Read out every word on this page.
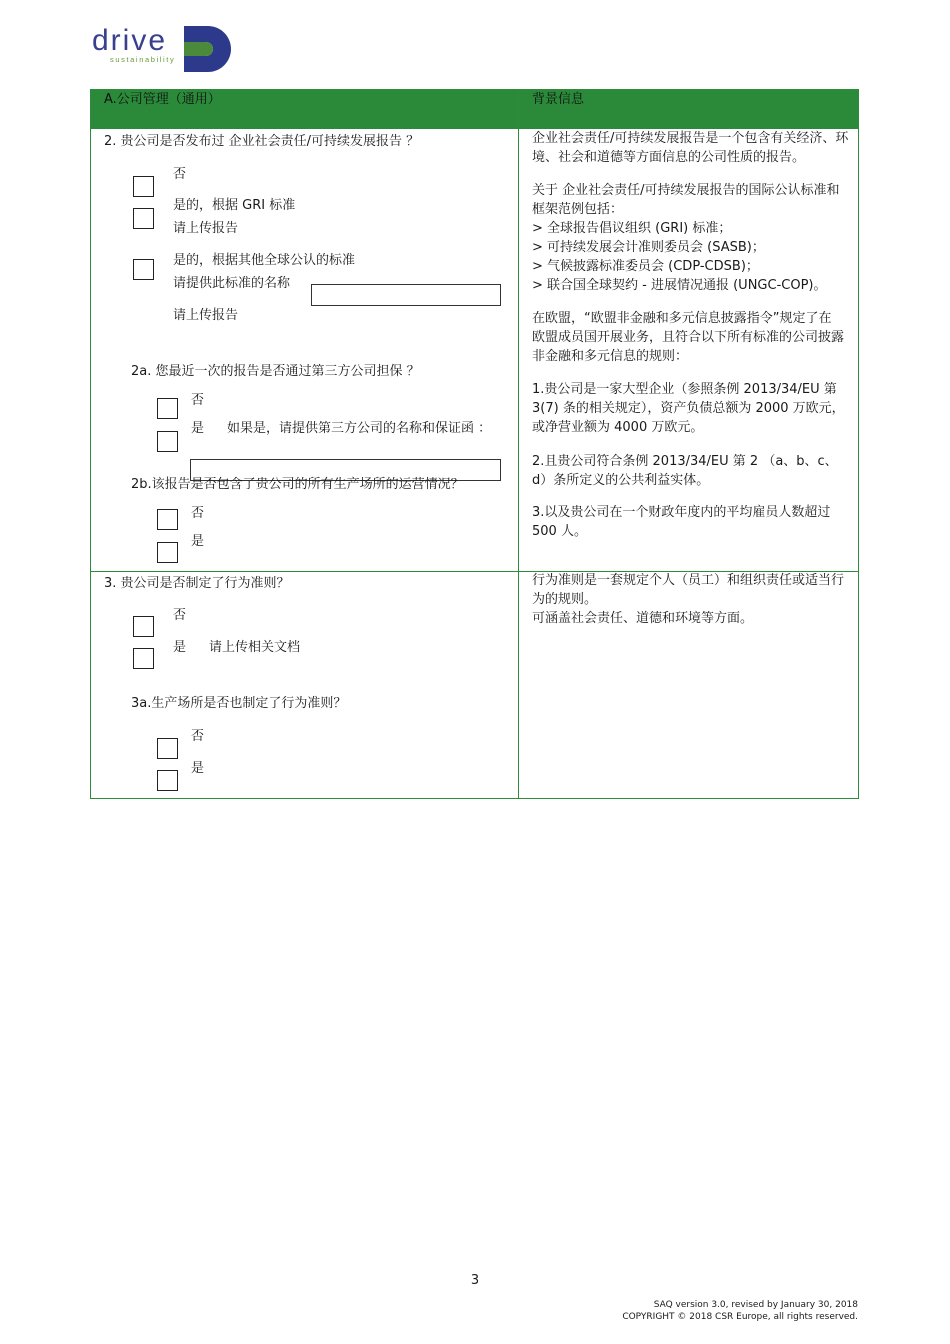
drive
sustainability
A.公司管理（通用）	背景信息
2. 贵公司是否发布过 企业社会责任/可持续发展报告 ？
否
是的，根据 GRI 标准
请上传报告
是的，根据其他全球公认的标准
请提供此标准的名称
请上传报告
2a. 您最近一次的报告是否通过第三方公司担保 ？
否
是 如果是，请提供第三方公司的名称和保证函 ：
2b.该报告是否包含了贵公司的所有生产场所的运营情况？
否
是
企业社会责任/可持续发展报告是一个包含有关经济、环境、社会和道德等方面信息的公司性质的报告。
关于 企业社会责任/可持续发展报告的国际公认标准和框架范例包括：
> 全球报告倡议组织 (GRI) 标准；
> 可持续发展会计准则委员会 (SASB)；
> 气候披露标准委员会 (CDP-CDSB)；
> 联合国全球契约 - 进展情况通报 (UNGC-COP)。
在欧盟，“欧盟非金融和多元信息披露指令”规定了在欧盟成员国开展业务，且符合以下所有标准的公司披露非金融和多元信息的规则：
1.贵公司是一家大型企业（参照条例 2013/34/EU 第 3(7) 条的相关规定），资产负债总额为 2000 万欧元，或净营业额为 4000 万欧元。
2.且贵公司符合条例 2013/34/EU 第 2 （a、b、c、d）条所定义的公共利益实体。
3.以及贵公司在一个财政年度内的平均雇员人数超过 500 人。
3. 贵公司是否制定了行为准则？
否
是 请上传相关文档
3a.生产场所是否也制定了行为准则？
否
是
行为准则是一套规定个人（员工）和组织责任或适当行为的规则。
可涵盖社会责任、道德和环境等方面。
3
SAQ version 3.0, revised by January 30, 2018
COPYRIGHT © 2018 CSR Europe, all rights reserved.
